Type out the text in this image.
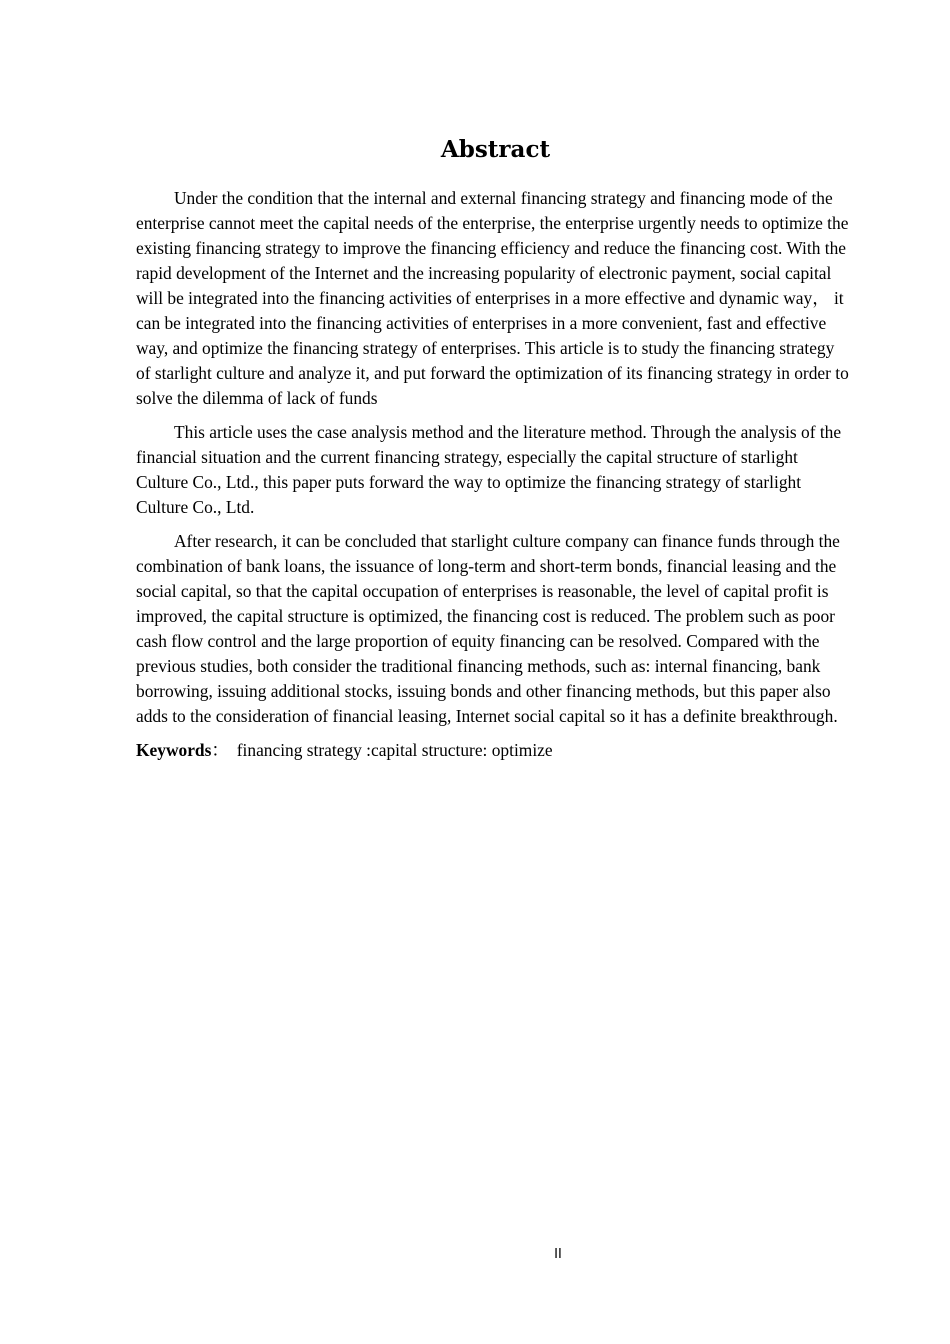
Abstract

Under the condition that the internal and external financing strategy and financing mode of the enterprise cannot meet the capital needs of the enterprise, the enterprise urgently needs to optimize the existing financing strategy to improve the financing efficiency and reduce the financing cost. With the rapid development of the Internet and the increasing popularity of electronic payment, social capital will be integrated into the financing activities of enterprises in a more effective and dynamic way， it can be integrated into the financing activities of enterprises in a more convenient, fast and effective way, and optimize the financing strategy of enterprises. This article is to study the financing strategy of starlight culture and analyze it, and put forward the optimization of its financing strategy in order to solve the dilemma of lack of funds

This article uses the case analysis method and the literature method. Through the analysis of the financial situation and the current financing strategy, especially the capital structure of starlight Culture Co., Ltd., this paper puts forward the way to optimize the financing strategy of starlight Culture Co., Ltd.

After research, it can be concluded that starlight culture company can finance funds through the combination of bank loans, the issuance of long-term and short-term bonds, financial leasing and the social capital, so that the capital occupation of enterprises is reasonable, the level of capital profit is improved, the capital structure is optimized, the financing cost is reduced. The problem such as poor cash flow control and the large proportion of equity financing can be resolved. Compared with the previous studies, both consider the traditional financing methods, such as: internal financing, bank borrowing, issuing additional stocks, issuing bonds and other financing methods, but this paper also adds to the consideration of financial leasing, Internet social capital so it has a definite breakthrough.

Keywords： financing strategy :capital structure: optimize

II
